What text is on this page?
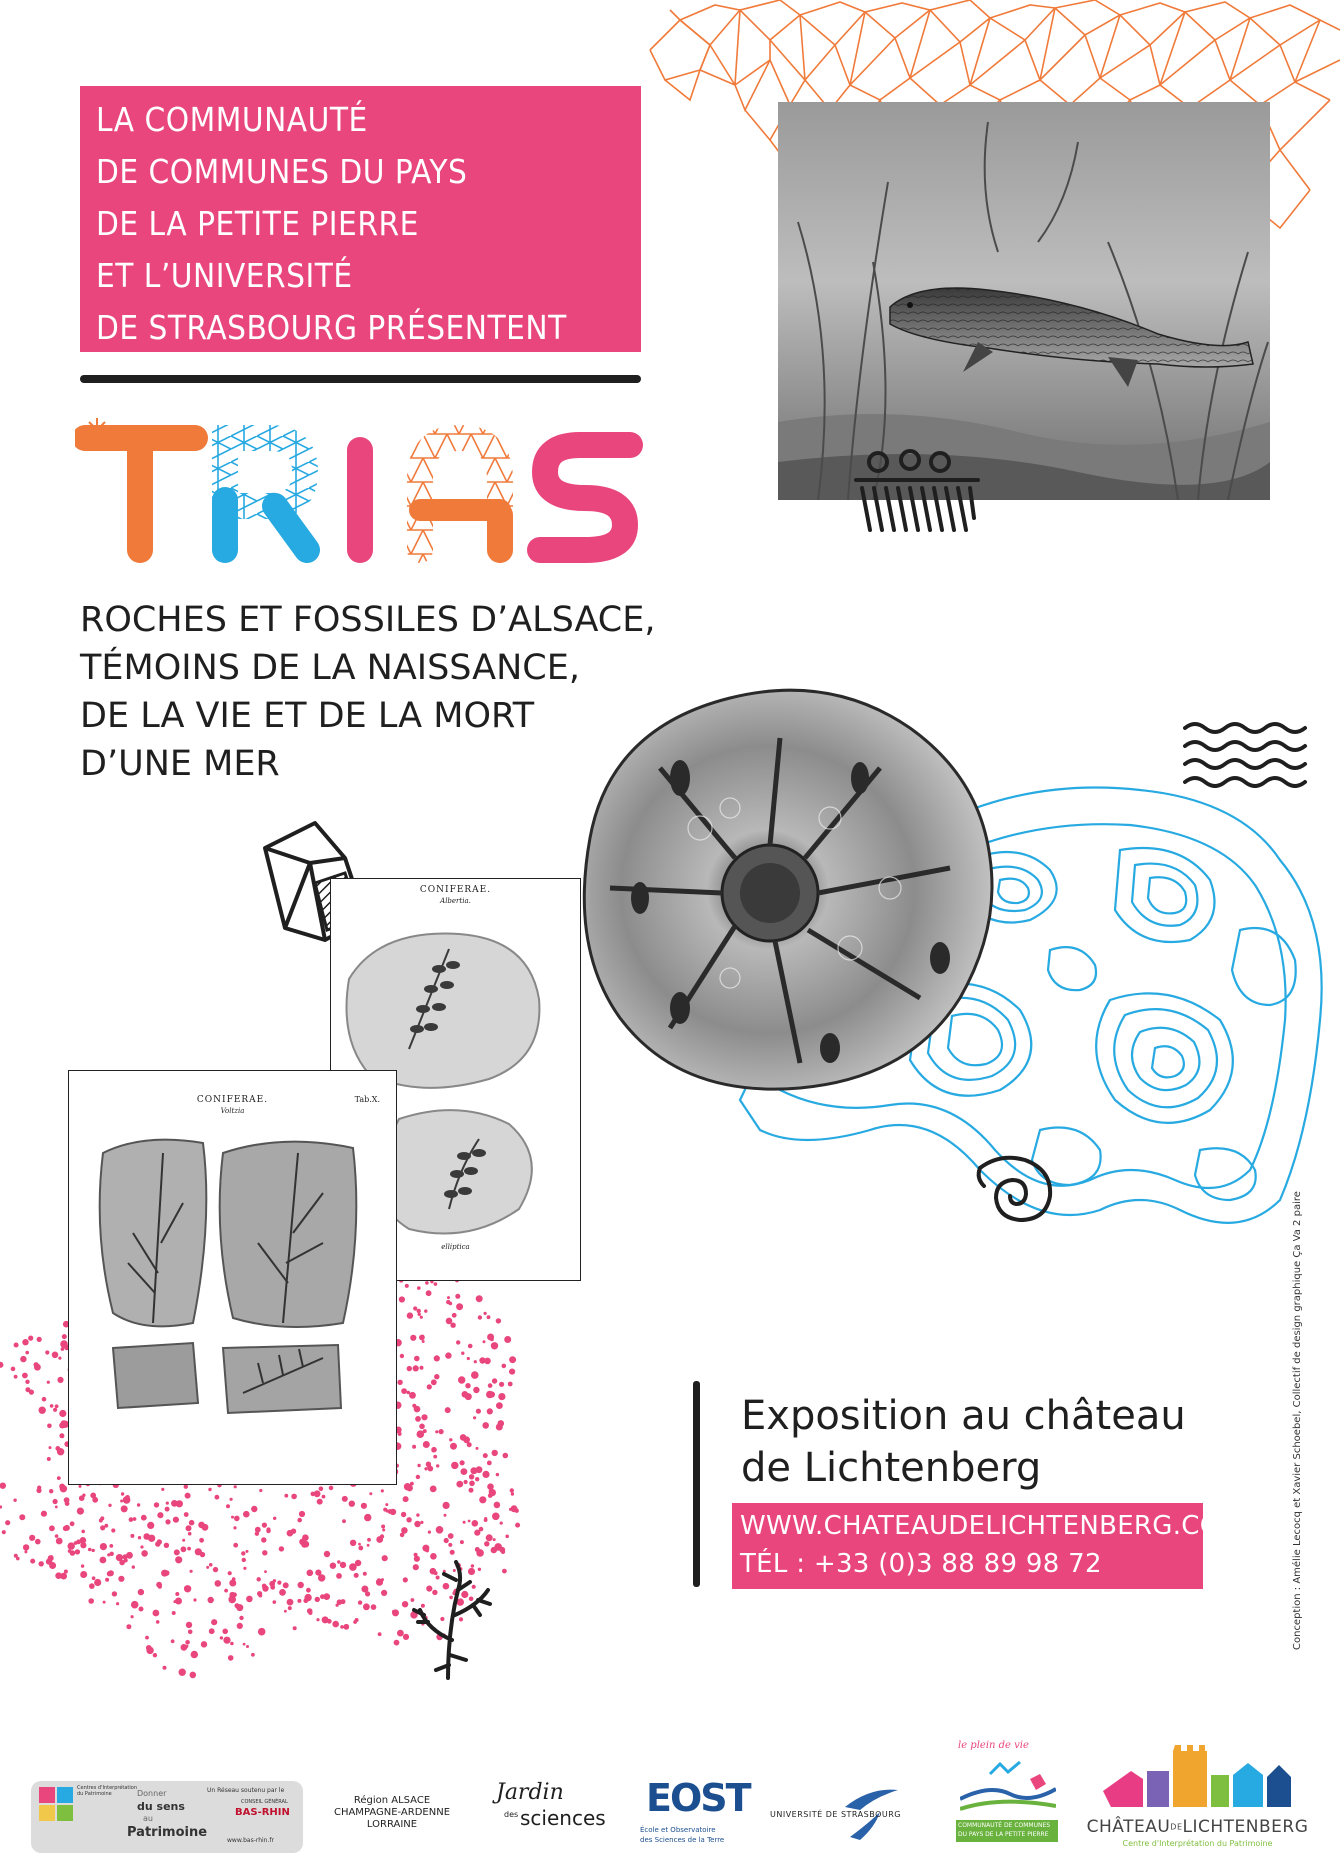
LA COMMUNAUTÉ
DE COMMUNES DU PAYS
DE LA PETITE PIERRE
ET L’UNIVERSITÉ
DE STRASBOURG PRÉSENTENT
ROCHES ET FOSSILES D’ALSACE,
TÉMOINS DE LA NAISSANCE,
DE LA VIE ET DE LA MORT
D’UNE MER
CONIFERAE.
Albertia.
elliptica
CONIFERAE.
Voltzia
Tab.X.
Exposition au château
de Lichtenberg
WWW.CHATEAUDELICHTENBERG.COM
TÉL : +33 (0)3 88 89 98 72	Conception : Amélie Lecocq et Xavier Schoebel, Collectif de design graphique Ça Va 2 paire
Centres d'Interprétation du Patrimoine	Donner
du sens
au
Patrimoine
Un Réseau soutenu par le
CONSEIL GÉNÉRAL
BAS-RHIN
www.bas-rhin.fr
Région ALSACE
CHAMPAGNE-ARDENNE
LORRAINE
Jardin
des sciences EOST
École et Observatoire
des Sciences de la Terre
UNIVERSITÉ DE STRASBOURG
le plein de vie
COMMUNAUTÉ DE COMMUNES
DU PAYS DE LA PETITE PIERRE	CHÂTEAUDELICHTENBERG
Centre d'Interprétation du Patrimoine
